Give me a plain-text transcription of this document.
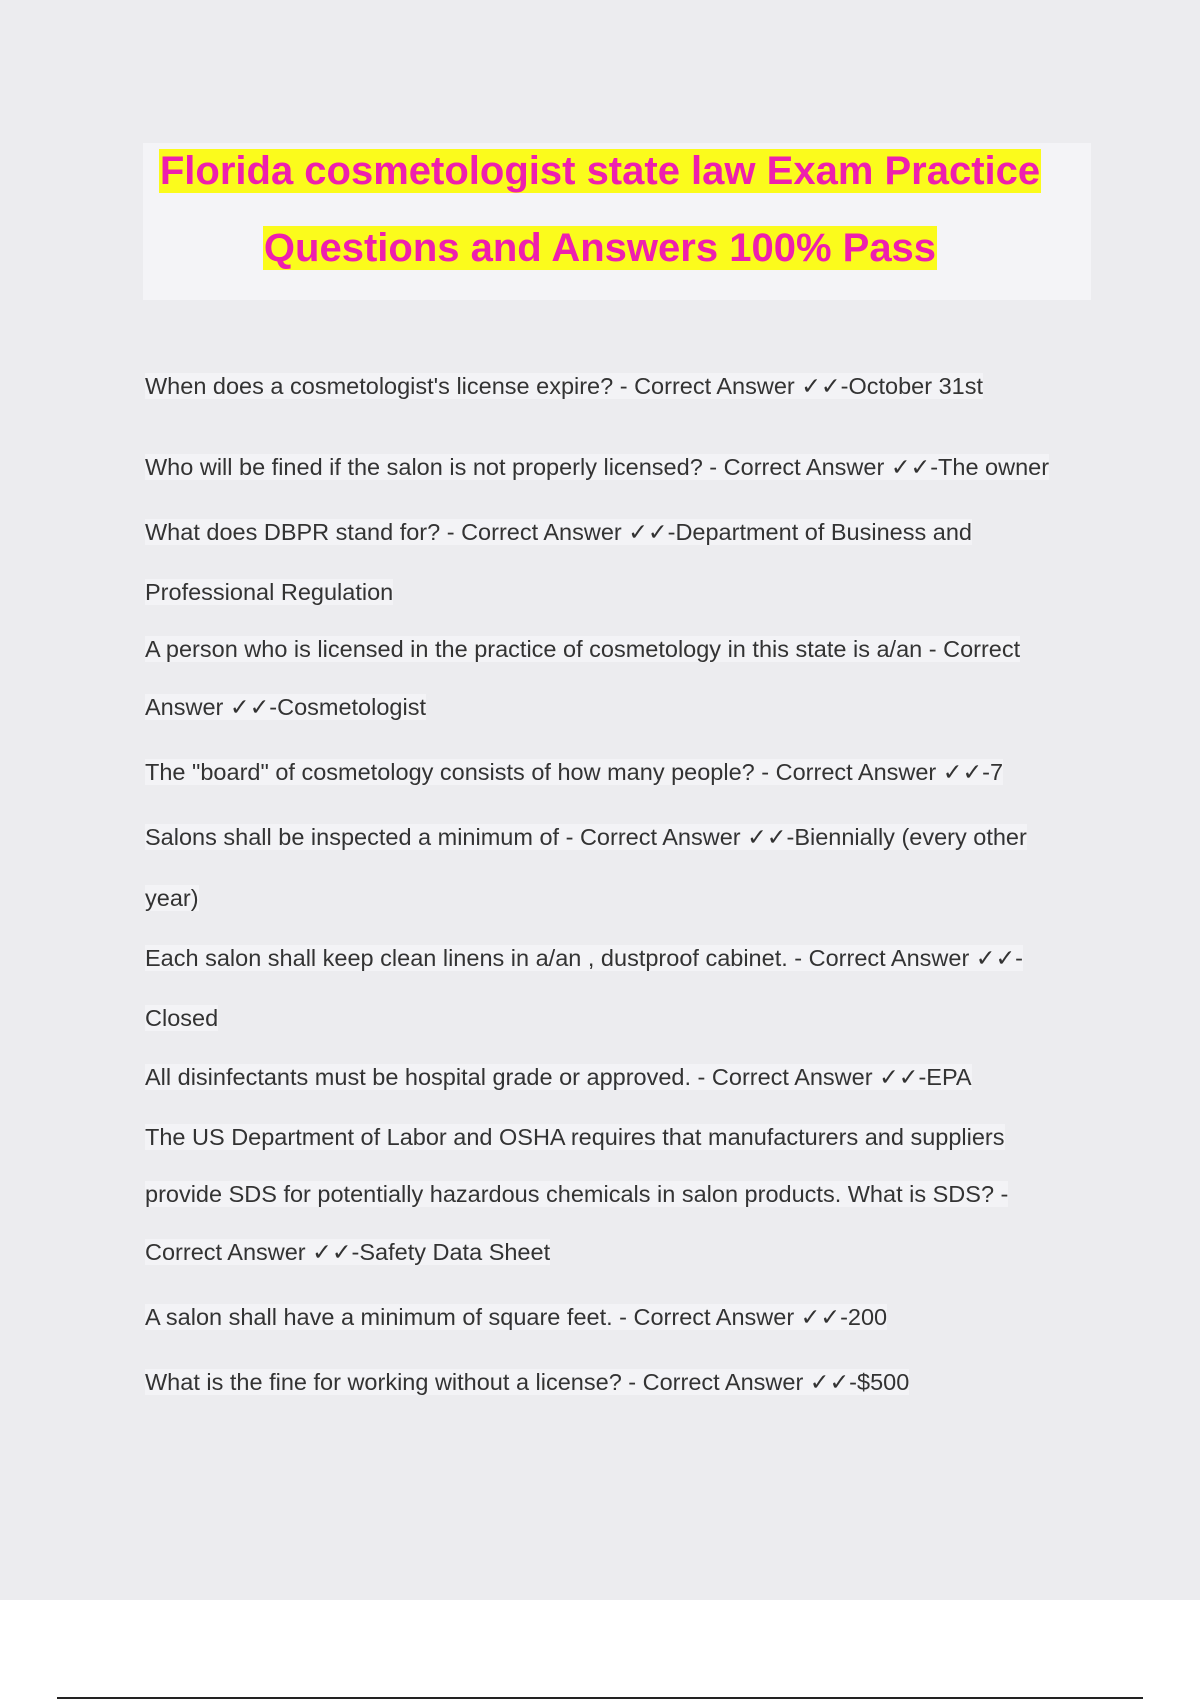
Florida cosmetologist state law Exam Practice
Questions and Answers 100% Pass
When does a cosmetologist's license expire? - Correct Answer ✓✓-October 31st
Who will be fined if the salon is not properly licensed? - Correct Answer ✓✓-The owner
What does DBPR stand for? - Correct Answer ✓✓-Department of Business and
Professional Regulation
A person who is licensed in the practice of cosmetology in this state is a/an - Correct
Answer ✓✓-Cosmetologist
The "board" of cosmetology consists of how many people? - Correct Answer ✓✓-7
Salons shall be inspected a minimum of - Correct Answer ✓✓-Biennially (every other
year)
Each salon shall keep clean linens in a/an , dustproof cabinet. - Correct Answer ✓✓-
Closed
All disinfectants must be hospital grade or approved. - Correct Answer ✓✓-EPA
The US Department of Labor and OSHA requires that manufacturers and suppliers
provide SDS for potentially hazardous chemicals in salon products. What is SDS? -
Correct Answer ✓✓-Safety Data Sheet
A salon shall have a minimum of square feet. - Correct Answer ✓✓-200
What is the fine for working without a license? - Correct Answer ✓✓-$500
